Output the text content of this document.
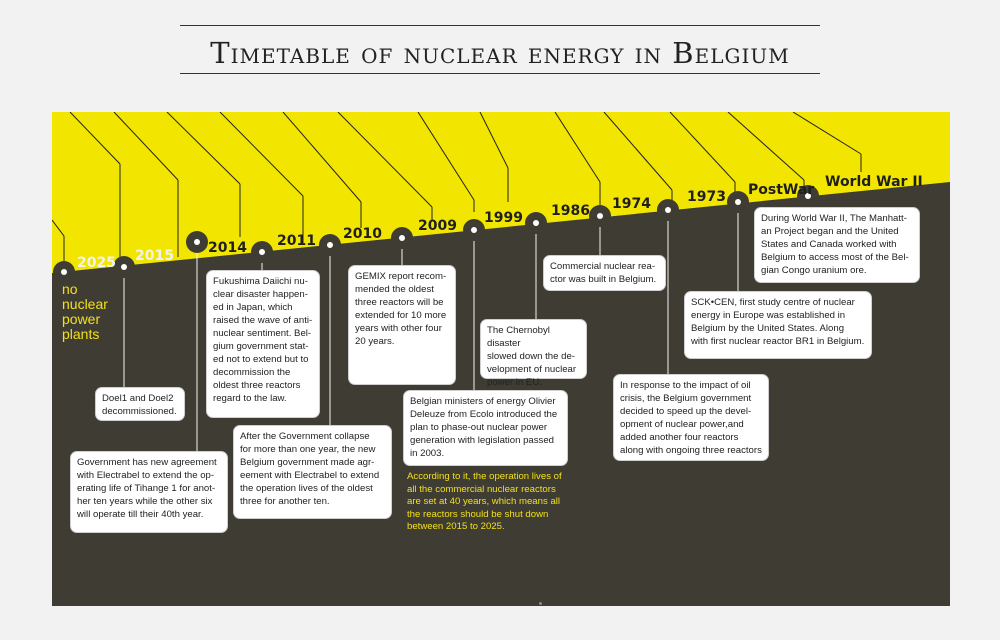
Timetable of nuclear energy in Belgium
no
nuclear
power
plants
2025 2015 2014 2011 2010	2009 1999 1986 1974	1973 PostWar World War II
Doel1 and Doel2
decommissioned.
Government has new agreement
with Electrabel to extend the op-
erating life of Tihange 1 for anot-
her ten years while the other six
will operate till their 40th year.
Fukushima Daiichi nu-
clear disaster happen-
ed in Japan, which
raised the wave of anti-
nuclear sentiment. Bel-
gium government stat-
ed not to extend but to
decommission the
oldest three reactors
regard to the law.
After the Government collapse
for more than one year, the new
Belgium government made agr-
eement with Electrabel to extend
the operation lives of the oldest
three for another ten.
GEMIX report recom-
mended the oldest
three reactors will be
extended for 10 more
years with other four
20 years.
Belgian ministers of energy Olivier
Deleuze from Ecolo introduced the
plan to phase-out nuclear power
generation with legislation passed
in 2003.
According to it, the operation lives of
all the commercial nuclear reactors
are set at 40 years, which means all
the reactors should be shut down
between 2015 to 2025.
The Chernobyl disaster
slowed down the de-
velopment of nuclear
power in EU.
Commercial nuclear rea-
ctor was built in Belgium.
In response to the impact of oil
crisis, the Belgium government
decided to speed up the devel-
opment of nuclear power,and
added another four reactors
along with ongoing three reactors
SCK•CEN, first study centre of nuclear
energy in Europe was established in
Belgium by the United States. Along
with first nuclear reactor BR1 in Belgium.
During World War II, The Manhatt-
an Project began and the United
States and Canada worked with
Belgium to access most of the Bel-
gian Congo uranium ore.
